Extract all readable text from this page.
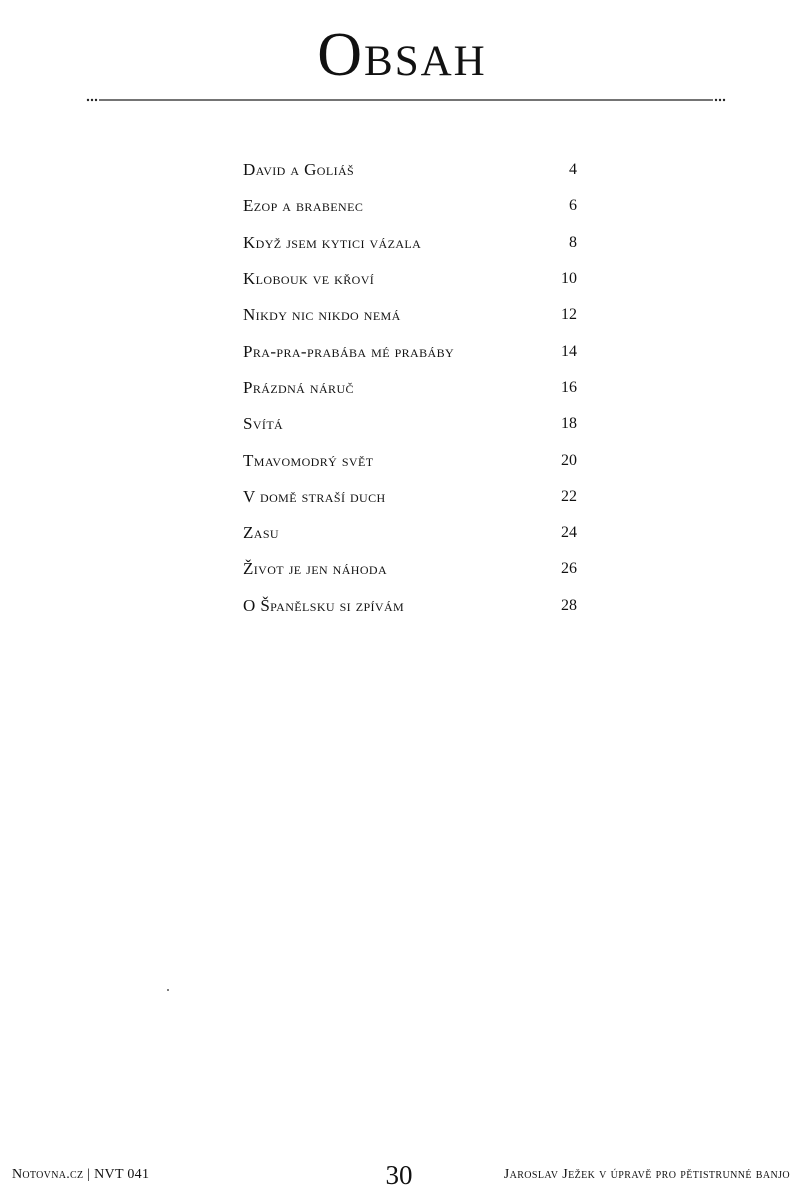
Obsah
David a Goliáš	4
Ezop a brabenec	6
Když jsem kytici vázala	8
Klobouk ve křoví	10
Nikdy nic nikdo nemá	12
Pra-pra-prabába mé prabáby	14
Prázdná náruč	16
Svítá	18
Tmavomodrý svět	20
V domě straší duch	22
Zasu	24
Život je jen náhoda	26
O Španělsku si zpívám	28
Notovna.cz | NVT 041	30	Jaroslav Ježek v úpravě pro pětistrunné banjo
